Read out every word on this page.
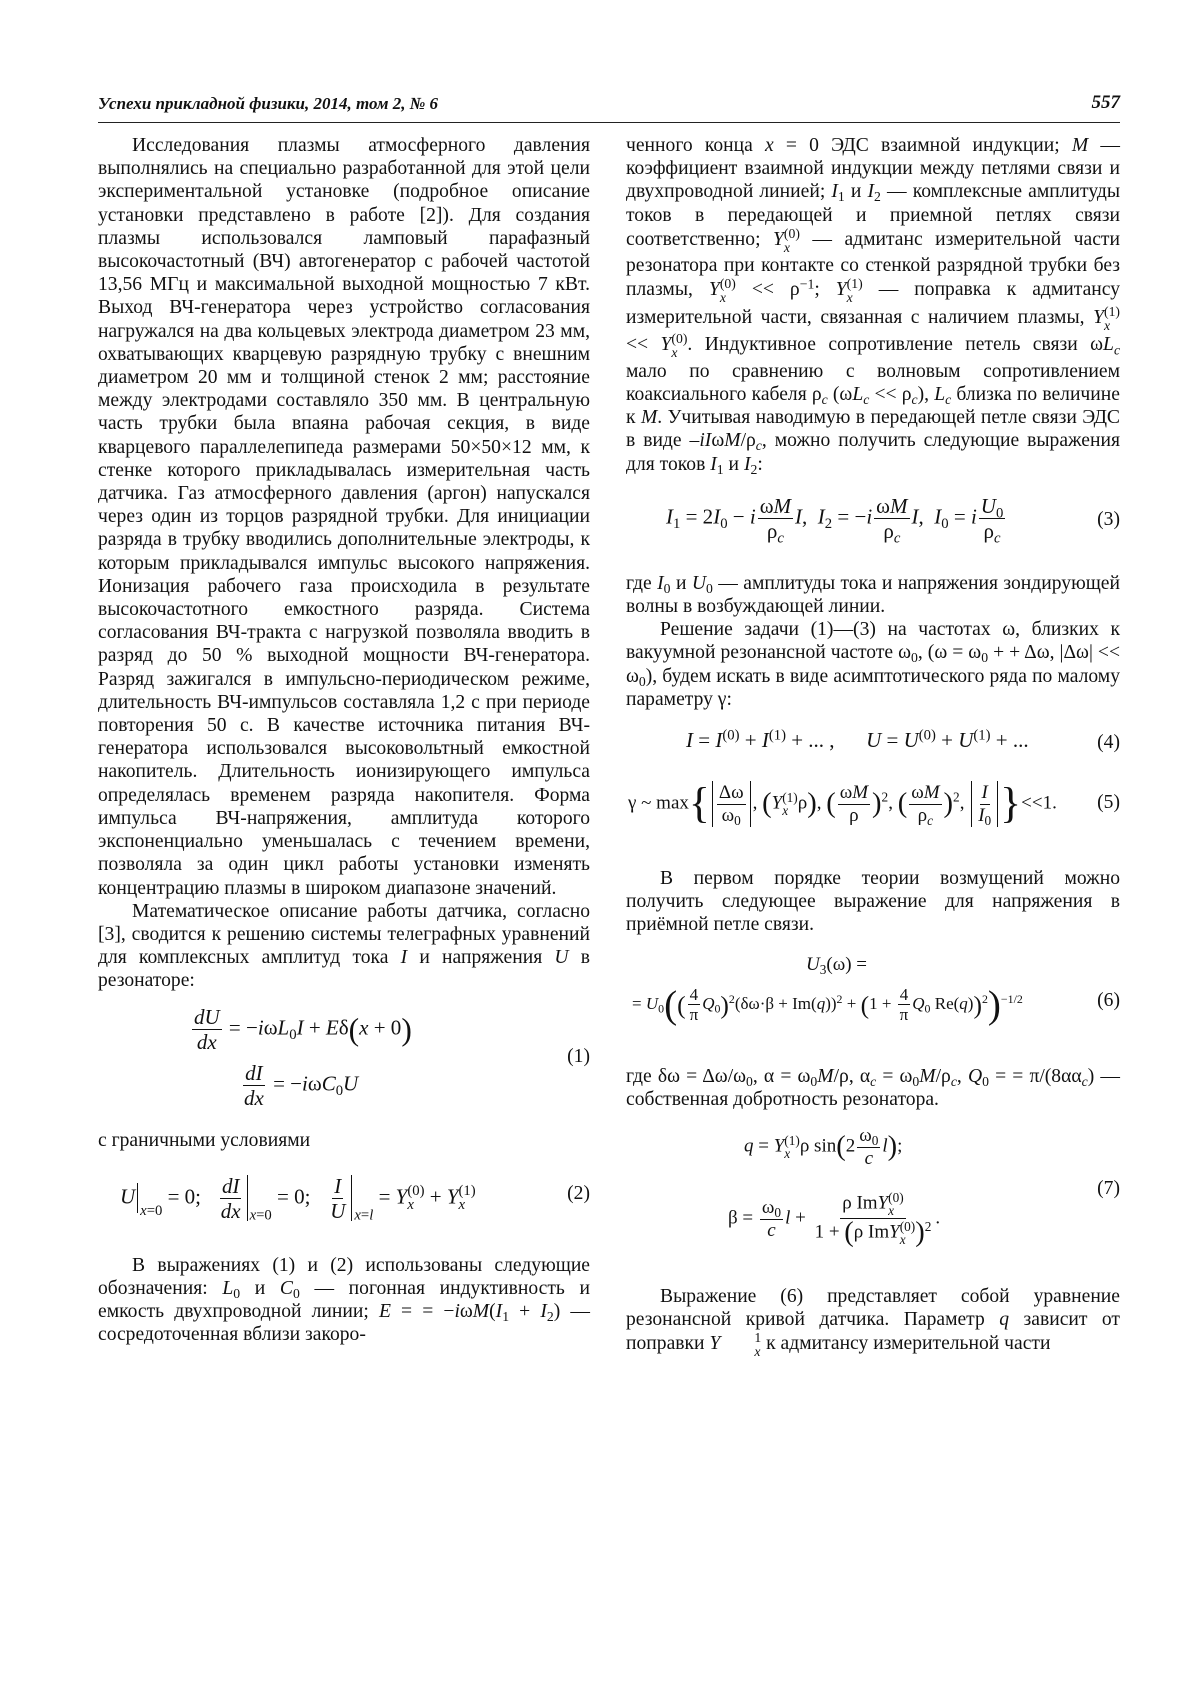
Успехи прикладной физики, 2014, том 2, № 6	557

Исследования плазмы атмосферного давления выполнялись на специально разработанной для этой цели экспериментальной установке (подробное описание установки представлено в работе [2]). Для создания плазмы использовался ламповый парафазный высокочастотный (ВЧ) автогенератор с рабочей частотой 13,56 МГц и максимальной выходной мощностью 7 кВт. Выход ВЧ-генератора через устройство согласования нагружался на два кольцевых электрода диаметром 23 мм, охватывающих кварцевую разрядную трубку с внешним диаметром 20 мм и толщиной стенок 2 мм; расстояние между электродами составляло 350 мм. В центральную часть трубки была впаяна рабочая секция, в виде кварцевого параллелепипеда размерами 50×50×12 мм, к стенке которого прикладывалась измерительная часть датчика. Газ атмосферного давления (аргон) напускался через один из торцов разрядной трубки. Для инициации разряда в трубку вводились дополнительные электроды, к которым прикладывался импульс высокого напряжения. Ионизация рабочего газа происходила в результате высокочастотного емкостного разряда. Система согласования ВЧ-тракта с нагрузкой позволяла вводить в разряд до 50 % выходной мощности ВЧ-генератора. Разряд зажигался в импульсно-периодическом режиме, длительность ВЧ-импульсов составляла 1,2 с при периоде повторения 50 с. В качестве источника питания ВЧ-генератора использовался высоковольтный емкостной накопитель. Длительность ионизирующего импульса определялась временем разряда накопителя. Форма импульса ВЧ-напряжения, амплитуда которого экспоненциально уменьшалась с течением времени, позволяла за один цикл работы установки изменять концентрацию плазмы в широком диапазоне значений.

Математическое описание работы датчика, согласно [3], сводится к решению системы телеграфных уравнений для комплексных амплитуд тока I и напряжения U в резонаторе:

$\frac{dU}{dx} = -i\omega L_0I + E\delta(x + 0)$
$\frac{dI}{dx} = -i\omega C_0U$
(1)

с граничными условиями

$U_{x=0} = 0$; $\frac{dI}{dx} _{x=0} = 0$; $\frac{I}{U} _{x=l} = Y$ (0)
x + Y (1)
x
(2)

В выражениях (1) и (2) использованы следующие обозначения: $L_0$ и $C_0$ — погонная индуктивность и емкость двухпроводной линии; E = = $-i\omega M(I_1 + I_2)$ — сосредоточенная вблизи закоро-

ченного конца x = 0 ЭДС взаимной индукции; M — коэффициент взаимной индукции между петлями связи и двухпроводной линией; $I_1$ и $I_2$ — комплексные амплитуды токов в передающей и приемной петлях связи соответственно; Y (0)
x	— адмитанс измерительной части резонатора при контакте со стенкой разрядной трубки без плазмы, Y (0)
$x << \rho^{-1}$; Y (1)
x	— поправка к адмитансу измерительной части, связанная с наличием плазмы, Y (1)
x
<< Y (0)
x . Индуктивное сопротивление петель связи $\omega L_c$ мало по сравнению с волновым сопротивлением коаксиального кабеля $\rho_c$ $(\omega L_c << \rho_c)$, $L_c$ близка по величине к M. Учитывая наводимую в передающей петле связи ЭДС в виде $-iI\omega M/\rho_c$, можно получить следующие выражения для токов $I_1$ и $I_2$:

$I_1 = 2I_0 - i \frac{\omega M}{\rho_c} I$,  $I_2 = -i \frac{\omega M}{\rho_c} I$,  $I_0 = i \frac{U_0}{\rho_c}$	(3)

где $I_0$ и $U_0$ — амплитуды тока и напряжения зондирующей волны в возбуждающей линии.

Решение задачи (1)—(3) на частотах ω, близких к вакуумной резонансной частоте $\omega_0$, ($\omega = \omega_0$ + + Δω, $|\Delta\omega| << \omega_0$), будем искать в виде асимптотического ряда по малому параметру γ:

$I = I^{(0)} + I^{(1)}$ + ... ,      $U = U^{(0)} + U^{(1)}$ + ...	(4)
γ ~ $\max\{ \frac{\Delta\omega}{\omega_0}$ , (Y (1)
x ρ), ( $\frac{\omega M}{\rho} )^2$, ( $\frac{\omega M}{\rho_c} )^2$, $\frac{I}{I_0} \}<<1$. (5)

В первом порядке теории возмущений можно получить следующее выражение для напряжения в приёмной петле связи.

$U_3(\omega)$ =
= $U_0(( \frac{4}{\pi} Q_0)^2(\delta\omega\cdot\beta + Im(q))^2 + (1 + \frac{4}{\pi} Q_0$ Re(q))$^2$)$^{-1/2}$	(6)

где $\delta\omega = \Delta\omega/\omega_0$, $\alpha = \omega_0M/\rho$, $\alpha_c = \omega_0M/\rho_c$, $Q_0$ = = $\pi/(8\alpha\alpha_c)$ — собственная добротность резонатора.

q = Y (1)
x ρ $\sin(2 \frac{\omega_0}{c} l)$;
$\beta = \frac{\omega_0}{c}$ l + ρ ImY (0)
x
1 + (ρ ImY (0)
x )$^2$ .
(7)

Выражение (6) представляет собой уравнение резонансной кривой датчика. Параметр q зависит от поправки Y	1
x к адмитансу измерительной части
